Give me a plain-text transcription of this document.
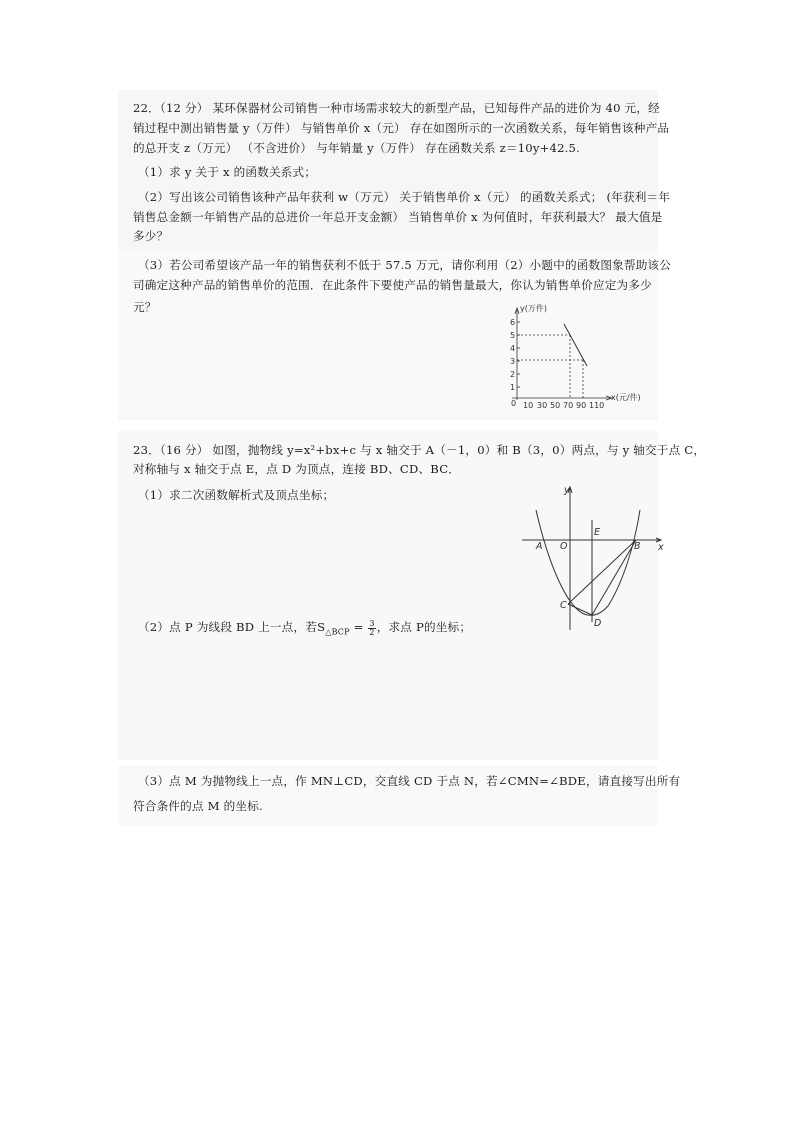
22．（12 分） 某环保器材公司销售一种市场需求较大的新型产品，已知每件产品的进价为 40 元，经
销过程中测出销售量 y（万件） 与销售单价 x（元） 存在如图所示的一次函数关系，每年销售该种产品
的总开支 z（万元） （不含进价） 与年销量 y（万件） 存在函数关系 z＝10y+42.5.
（1）求 y 关于 x 的函数关系式；
（2）写出该公司销售该种产品年获利 w（万元） 关于销售单价 x（元） 的函数关系式； (年获利＝年
销售总金额一年销售产品的总进价一年总开支金额） 当销售单价 x 为何值时，年获利最大？ 最大值是
多少？
（3）若公司希望该产品一年的销售获利不低于 57.5 万元，请你利用（2）小题中的函数图象帮助该公
司确定这种产品的销售单价的范围．在此条件下要使产品的销售量最大，你认为销售单价应定为多少
元？	y(万件)
6
5
4
3
2
1
0 10 30 50 70 90 110
x(元/件)
23．（16 分） 如图，抛物线 y=x²+bx+c 与 x 轴交于 A（－1，0）和 B（3，0）两点，与 y 轴交于点 C，
对称轴与 x 轴交于点 E，点 D 为顶点，连接 BD、CD、BC．
（1）求二次函数解析式及顶点坐标；
（2）点 P 为线段 BD 上一点，若$S_{\triangle BCP} = \frac{3}{2}$ ，求点 P的坐标；
（3）点 M 为抛物线上一点，作 MN⊥CD，交直线 CD 于点 N，若∠CMN=∠BDE，请直接写出所有
符合条件的点 M 的坐标.
y
x
A O
E
B
C
D
